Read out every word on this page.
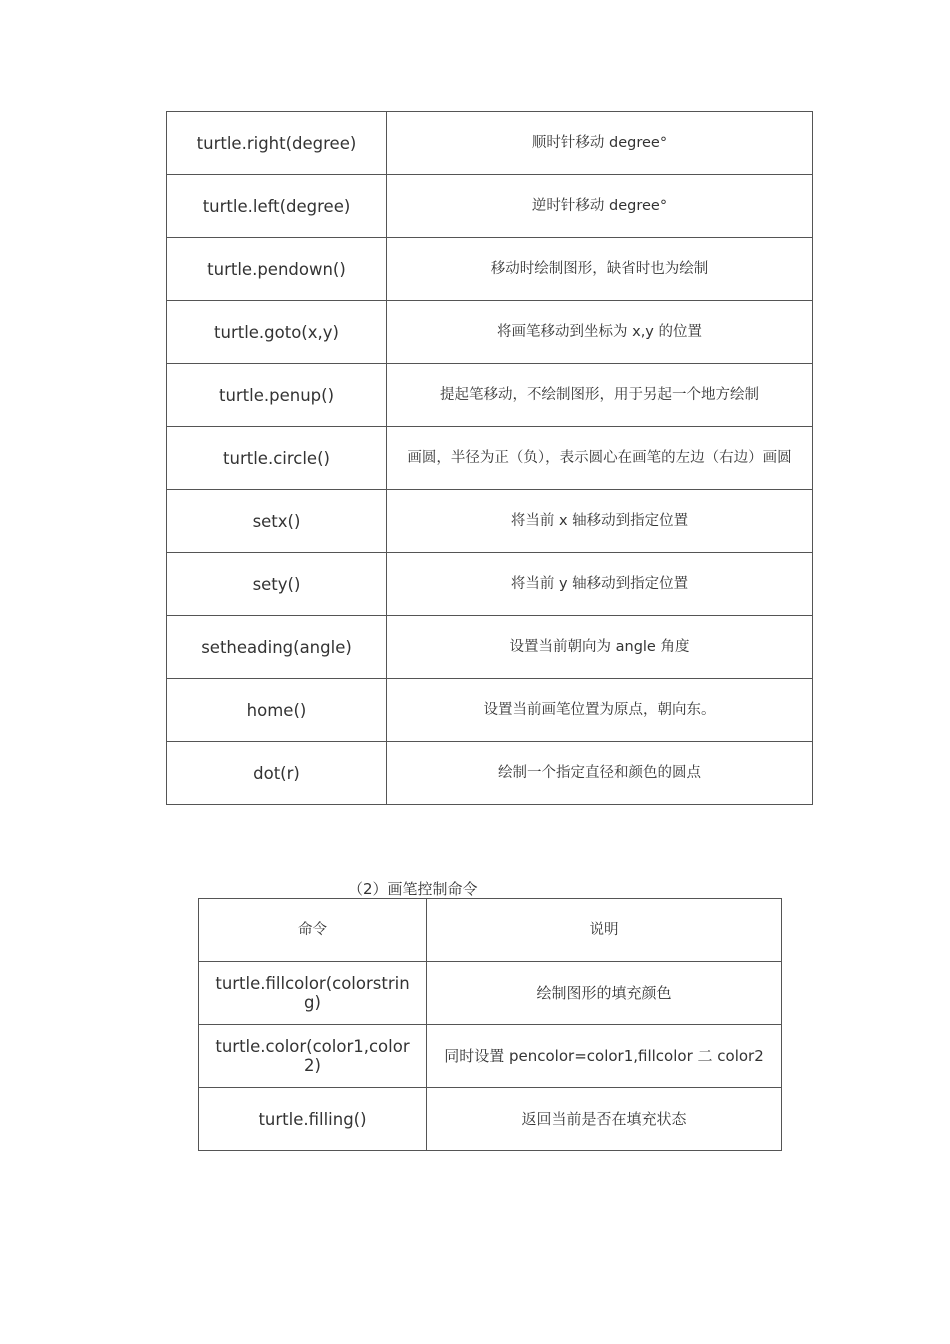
turtle.right(degree)	顺时针移动 degree°
turtle.left(degree)	逆时针移动 degree°
turtle.pendown()	移动时绘制图形，缺省时也为绘制
turtle.goto(x,y)	将画笔移动到坐标为 x,y 的位置
turtle.penup()	提起笔移动，不绘制图形，用于另起一个地方绘制
turtle.circle()	画圆，半径为正（负），表示圆心在画笔的左边（右边）画圆
setx()	将当前 x 轴移动到指定位置
sety()	将当前 y 轴移动到指定位置
setheading(angle)	设置当前朝向为 angle 角度
home()	设置当前画笔位置为原点，朝向东。
dot(r)	绘制一个指定直径和颜色的圆点
（2）画笔控制命令
命令	说明
turtle.fillcolor(colorstring)	绘制图形的填充颜色
turtle.color(color1,color2)	同时设置 pencolor=color1,fillcolor 二 color2
turtle.filling()	返回当前是否在填充状态
